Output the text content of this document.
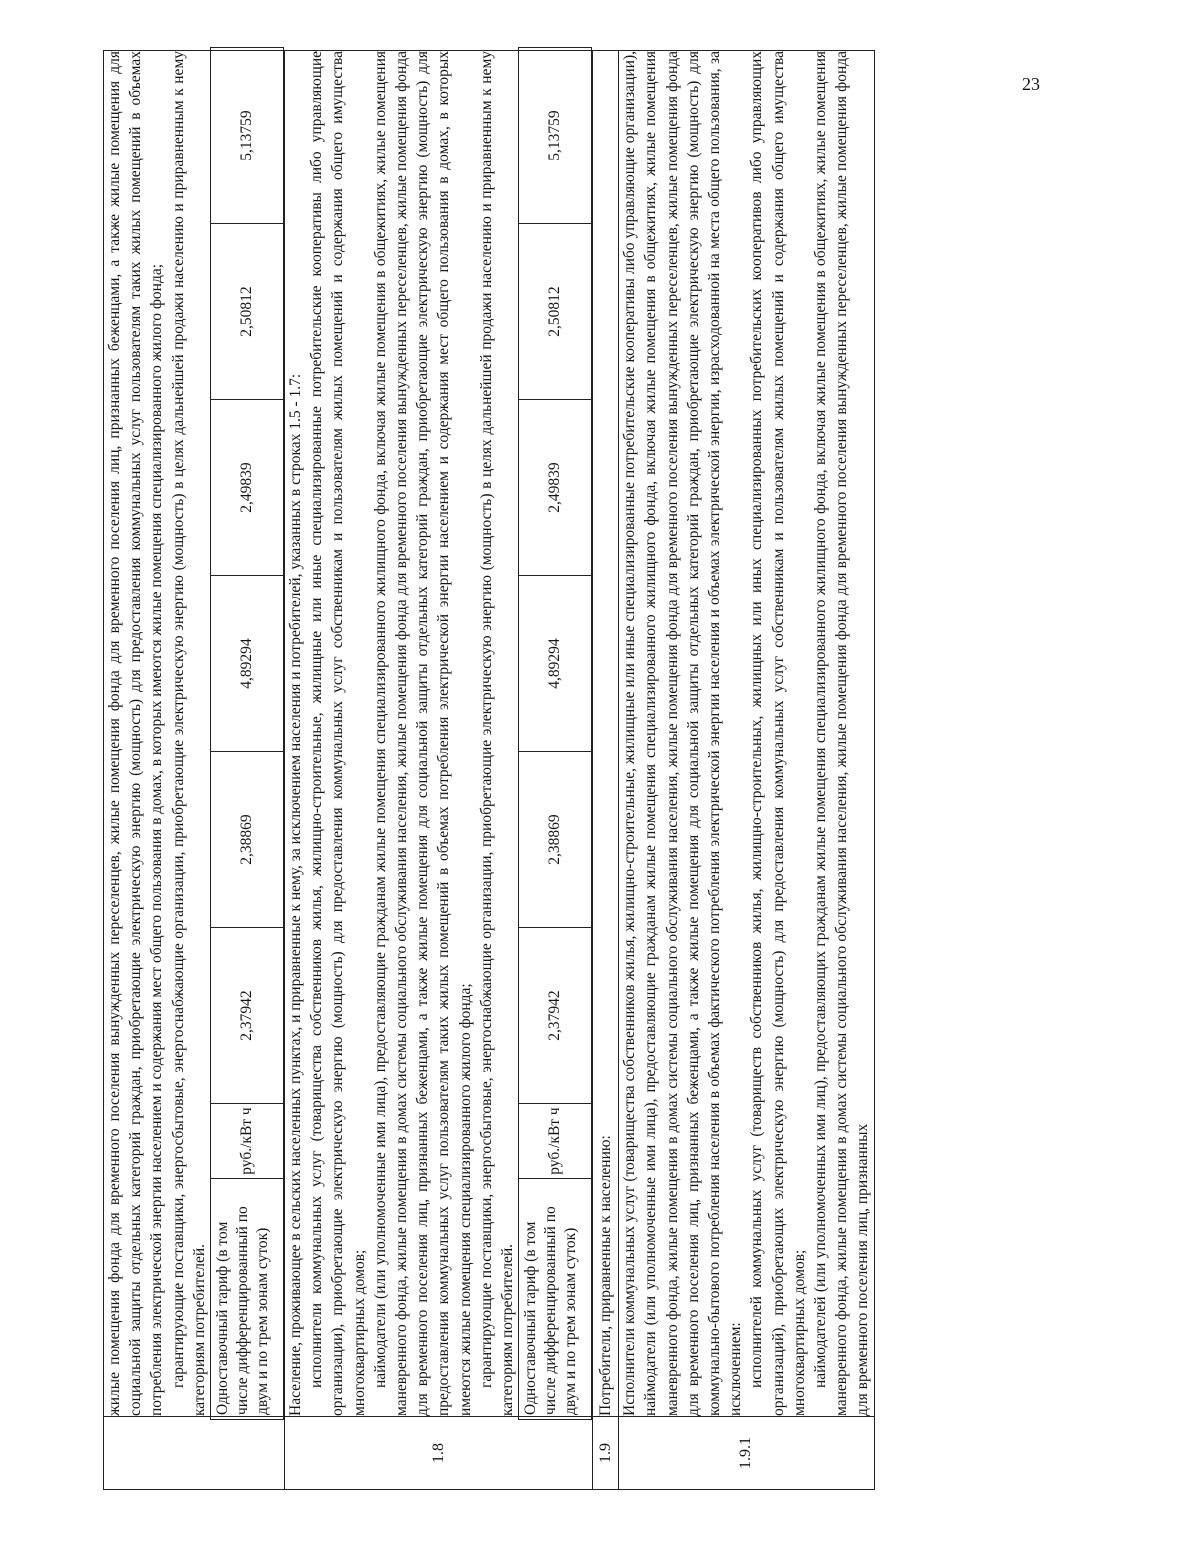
23

жилые помещения фонда для временного поселения вынужденных переселенцев, жилые помещения фонда для временного поселения лиц, признанных беженцами, а также жилые помещения для социальной защиты отдельных категорий граждан, приобретающие электрическую энергию (мощность) для предоставления коммунальных услуг пользователям таких жилых помещений в объемах потребления электрической энергии населением и содержания мест общего пользования в домах, в которых имеются жилые помещения специализированного жилого фонда; гарантирующие поставщики, энергосбытовые, энергоснабжающие организации, приобретающие электрическую энергию (мощность) в целях дальнейшей продажи населению и приравненным к нему категориям потребителей. Одноставочный тариф (в том числе дифференцированный по двум и по трем зонам суток)	руб./кВт ч	2,37942	2,38869	4,89294	2,49839	2,50812	5,13759

1.8	
Население, проживающее в сельских населенных пунктах, и приравненные к нему, за исключением населения и потребителей, указанных в строках 1.5 - 1.7: исполнители коммунальных услуг (товарищества собственников жилья, жилищно-строительные, жилищные или иные специализированные потребительские кооперативы либо управляющие организации), приобретающие электрическую энергию (мощность) для предоставления коммунальных услуг собственникам и пользователям жилых помещений и содержания общего имущества многоквартирных домов; наймодатели (или уполномоченные ими лица), предоставляющие гражданам жилые помещения специализированного жилищного фонда, включая жилые помещения в общежитиях, жилые помещения маневренного фонда, жилые помещения в домах системы социального обслуживания населения, жилые помещения фонда для временного поселения вынужденных переселенцев, жилые помещения фонда для временного поселения лиц, признанных беженцами, а также жилые помещения для социальной защиты отдельных категорий граждан, приобретающие электрическую энергию (мощность) для предоставления коммунальных услуг пользователям таких жилых помещений в объемах потребления электрической энергии населением и содержания мест общего пользования в домах, в которых имеются жилые помещения специализированного жилого фонда; гарантирующие поставщики, энергосбытовые, энергоснабжающие организации, приобретающие электрическую энергию (мощность) в целях дальнейшей продажи населению и приравненным к нему категориям потребителей. Одноставочный тариф (в том числе дифференцированный по двум и по трем зонам суток)	руб./кВт ч	2,37942	2,38869	4,89294	2,49839	2,50812	5,13759

1.9	
Потребители, приравненные к населению:

1.9.1	
Исполнители коммунальных услуг (товарищества собственников жилья, жилищно-строительные, жилищные или иные специализированные потребительские кооперативы либо управляющие организации), наймодатели (или уполномоченные ими лица), предоставляющие гражданам жилые помещения специализированного жилищного фонда, включая жилые помещения в общежитиях, жилые помещения маневренного фонда, жилые помещения в домах системы социального обслуживания населения, жилые помещения фонда для временного поселения вынужденных переселенцев, жилые помещения фонда для временного поселения лиц, признанных беженцами, а также жилые помещения для социальной защиты отдельных категорий граждан, приобретающие электрическую энергию (мощность) для коммунально-бытового потребления населения в объемах фактического потребления электрической энергии населения и объемах электрической энергии, израсходованной на места общего пользования, за исключением: исполнителей коммунальных услуг (товариществ собственников жилья, жилищно-строительных, жилищных или иных специализированных потребительских кооперативов либо управляющих организаций), приобретающих электрическую энергию (мощность) для предоставления коммунальных услуг собственникам и пользователям жилых помещений и содержания общего имущества многоквартирных домов; наймодателей (или уполномоченных ими лиц), предоставляющих гражданам жилые помещения специализированного жилищного фонда, включая жилые помещения в общежитиях, жилые помещения маневренного фонда, жилые помещения в домах системы социального обслуживания населения, жилые помещения фонда для временного поселения вынужденных переселенцев, жилые помещения фонда для временного поселения лиц, признанных
